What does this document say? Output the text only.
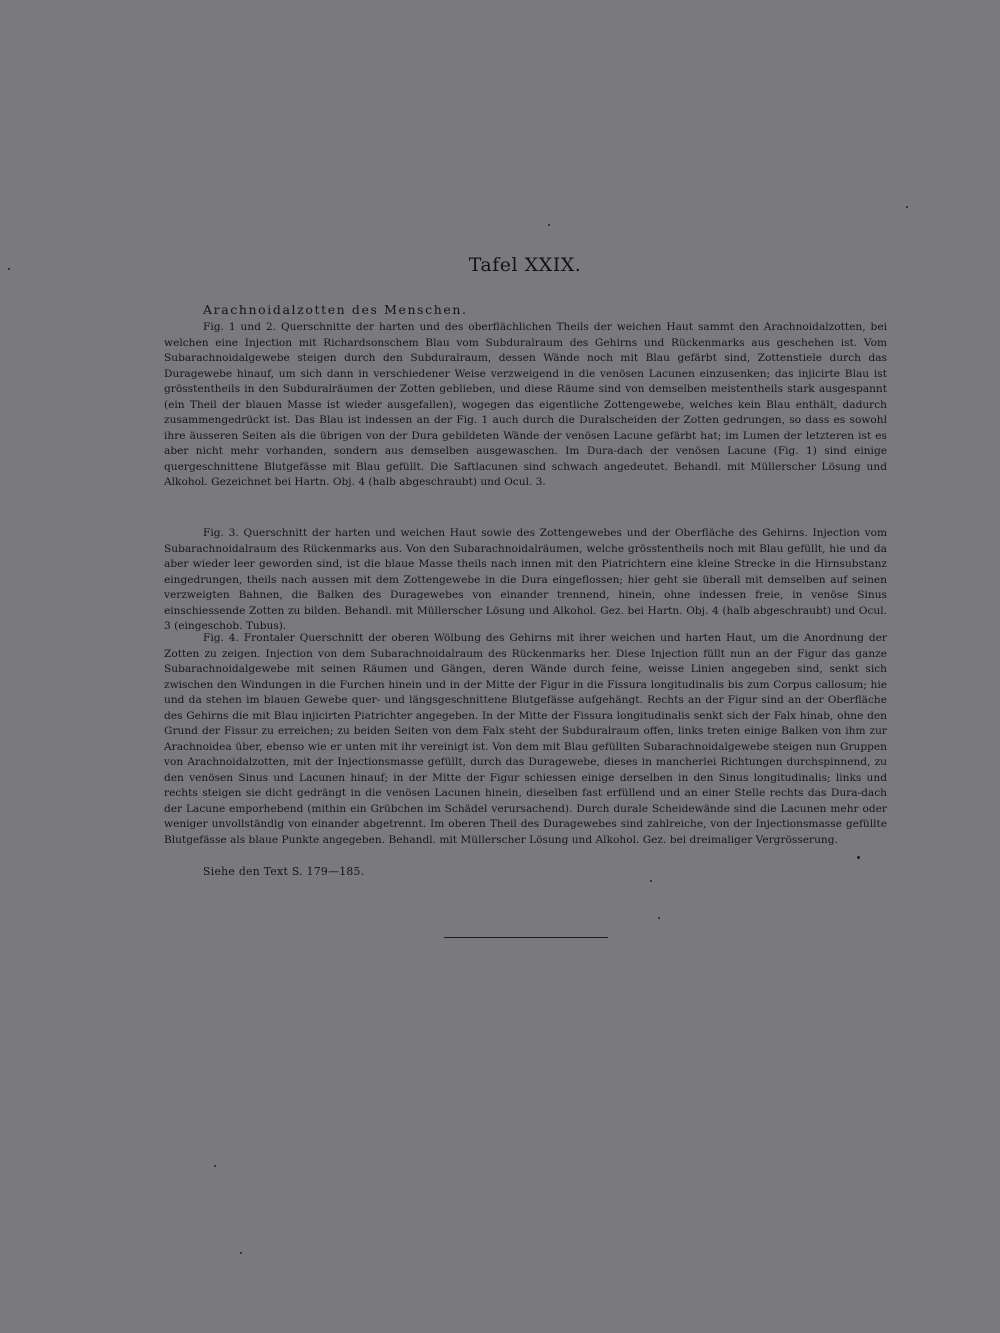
Tafel XXIX.

Arachnoidalzotten des Menschen.

Fig. 1 und 2. Querschnitte der harten und des oberflächlichen Theils der weichen Haut sammt den Arachnoidalzotten, bei welchen eine Injection mit Richardsonschem Blau vom Subduralraum des Gehirns und Rückenmarks aus geschehen ist. Vom Subarachnoidalgewebe steigen durch den Subduralraum, dessen Wände noch mit Blau gefärbt sind, Zottenstiele durch das Duragewebe hinauf, um sich dann in verschiedener Weise verzweigend in die venösen Lacunen einzusenken; das injicirte Blau ist grösstentheils in den Subduralräumen der Zotten geblieben, und diese Räume sind von demselben meistentheils stark ausgespannt (ein Theil der blauen Masse ist wieder ausgefallen), wogegen das eigentliche Zottengewebe, welches kein Blau enthält, dadurch zusammengedrückt ist. Das Blau ist indessen an der Fig. 1 auch durch die Duralscheiden der Zotten gedrungen, so dass es sowohl ihre äusseren Seiten als die übrigen von der Dura gebildeten Wände der venösen Lacune gefärbt hat; im Lumen der letzteren ist es aber nicht mehr vorhanden, sondern aus demselben ausgewaschen. Im Dura-dach der venösen Lacune (Fig. 1) sind einige quergeschnittene Blutgefässe mit Blau gefüllt. Die Saftlacunen sind schwach angedeutet. Behandl. mit Müllerscher Lösung und Alkohol. Gezeichnet bei Hartn. Obj. 4 (halb abgeschraubt) und Ocul. 3.

Fig. 3. Querschnitt der harten und weichen Haut sowie des Zottengewebes und der Oberfläche des Gehirns. Injection vom Subarachnoidalraum des Rückenmarks aus. Von den Subarachnoidalräumen, welche grösstentheils noch mit Blau gefüllt, hie und da aber wieder leer geworden sind, ist die blaue Masse theils nach innen mit den Piatrichtern eine kleine Strecke in die Hirnsubstanz eingedrungen, theils nach aussen mit dem Zottengewebe in die Dura eingeflossen; hier geht sie überall mit demselben auf seinen verzweigten Bahnen, die Balken des Duragewebes von einander trennend, hinein, ohne indessen freie, in venöse Sinus einschiessende Zotten zu bilden. Behandl. mit Müllerscher Lösung und Alkohol. Gez. bei Hartn. Obj. 4 (halb abgeschraubt) und Ocul. 3 (eingeschob. Tubus).

Fig. 4. Frontaler Querschnitt der oberen Wölbung des Gehirns mit ihrer weichen und harten Haut, um die Anordnung der Zotten zu zeigen. Injection von dem Subarachnoidalraum des Rückenmarks her. Diese Injection füllt nun an der Figur das ganze Subarachnoidalgewebe mit seinen Räumen und Gängen, deren Wände durch feine, weisse Linien angegeben sind, senkt sich zwischen den Windungen in die Furchen hinein und in der Mitte der Figur in die Fissura longitudinalis bis zum Corpus callosum; hie und da stehen im blauen Gewebe quer- und längsgeschnittene Blutgefässe aufgehängt. Rechts an der Figur sind an der Oberfläche des Gehirns die mit Blau injicirten Piatrichter angegeben. In der Mitte der Fissura longitudinalis senkt sich der Falx hinab, ohne den Grund der Fissur zu erreichen; zu beiden Seiten von dem Falx steht der Subduralraum offen, links treten einige Balken von ihm zur Arachnoidea über, ebenso wie er unten mit ihr vereinigt ist. Von dem mit Blau gefüllten Subarachnoidalgewebe steigen nun Gruppen von Arachnoidalzotten, mit der Injectionsmasse gefüllt, durch das Duragewebe, dieses in mancherlei Richtungen durchspinnend, zu den venösen Sinus und Lacunen hinauf; in der Mitte der Figur schiessen einige derselben in den Sinus longitudinalis; links und rechts steigen sie dicht gedrängt in die venösen Lacunen hinein, dieselben fast erfüllend und an einer Stelle rechts das Dura-dach der Lacune emporhebend (mithin ein Grübchen im Schädel verursachend). Durch durale Scheidewände sind die Lacunen mehr oder weniger unvollständig von einander abgetrennt. Im oberen Theil des Duragewebes sind zahlreiche, von der Injectionsmasse gefüllte Blutgefässe als blaue Punkte angegeben. Behandl. mit Müllerscher Lösung und Alkohol. Gez. bei dreimaliger Vergrösserung.

Siehe den Text S. 179—185.
